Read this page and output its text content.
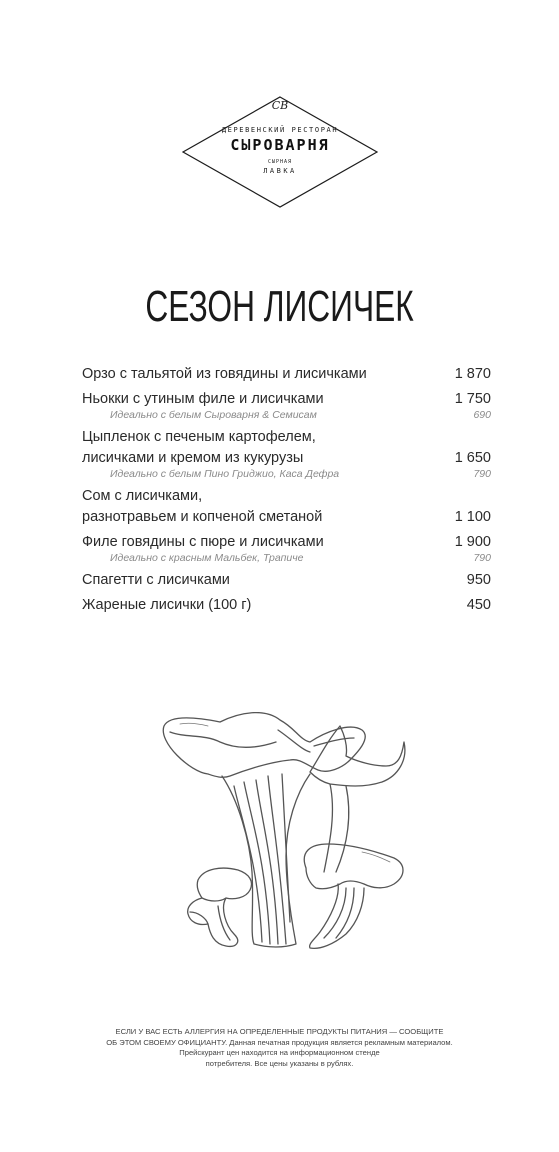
СВ
ДЕРЕВЕНСКИЙ РЕСТОРАН
СЫРОВАРНЯ
СЫРНАЯ
ЛАВКА
СЕЗОН ЛИСИЧЕК
Орзо с тальятой из говядины и лисичками	1 870
Ньокки с утиным филе и лисичками	1 750
Идеально с белым Сыроварня & Семисам	690
Цыпленок с печеным картофелем,
лисичками и кремом из кукурузы	1 650
Идеально с белым Пино Гриджио, Каса Дефра	790
Сом с лисичками,
разнотравьем и копченой сметаной	1 100
Филе говядины с пюре и лисичками	1 900
Идеально с красным Мальбек, Трапиче	790
Спагетти с лисичками	950
Жареные лисички (100 г)	450
ЕСЛИ У ВАС ЕСТЬ АЛЛЕРГИЯ НА ОПРЕДЕЛЕННЫЕ ПРОДУКТЫ ПИТАНИЯ — СООБЩИТЕ
ОБ ЭТОМ СВОЕМУ ОФИЦИАНТУ. Данная печатная продукция является рекламным материалом.
Прейскурант цен находится на информационном стенде
потребителя. Все цены указаны в рублях.
